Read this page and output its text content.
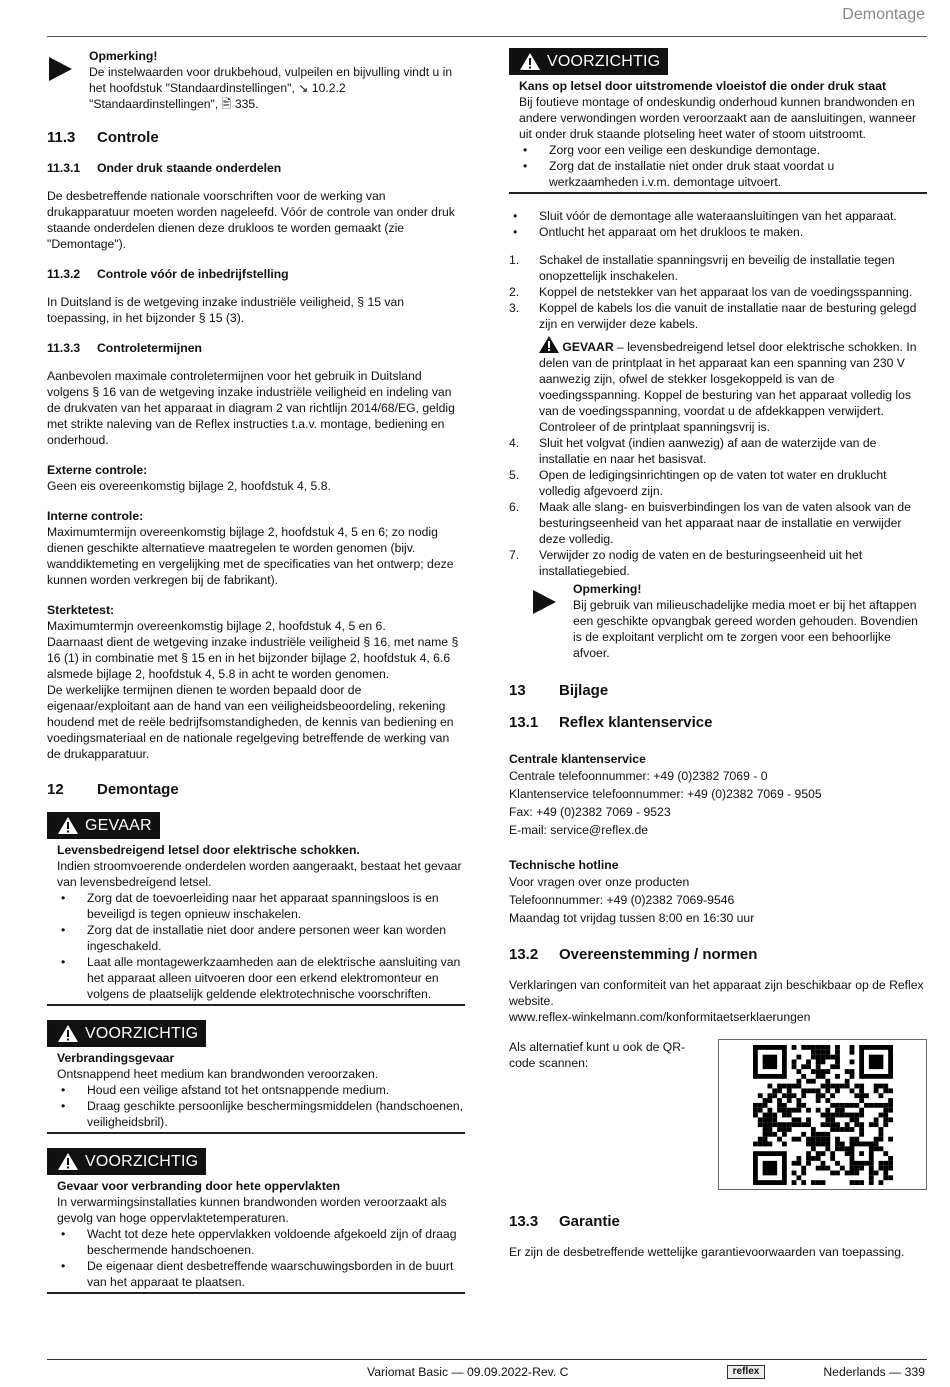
Demontage

Opmerking!

De instelwaarden voor drukbehoud, vulpeilen en bijvulling vindt u in het hoofdstuk "Standaardinstellingen", ↘ 10.2.2 "Standaardinstellingen", 🖹 335.

11.3	Controle
11.3.1	Onder druk staande onderdelen

De desbetreffende nationale voorschriften voor de werking van drukapparatuur moeten worden nageleefd. Vóór de controle van onder druk staande onderdelen dienen deze drukloos te worden gemaakt (zie "Demontage").

11.3.2	Controle vóór de inbedrijfstelling

In Duitsland is de wetgeving inzake industriële veiligheid, § 15 van toepassing, in het bijzonder § 15 (3).

11.3.3	Controletermijnen

Aanbevolen maximale controletermijnen voor het gebruik in Duitsland volgens § 16 van de wetgeving inzake industriële veiligheid en indeling van de drukvaten van het apparaat in diagram 2 van richtlijn 2014/68/EG, geldig met strikte naleving van de Reflex instructies t.a.v. montage, bediening en onderhoud.

Externe controle:

Geen eis overeenkomstig bijlage 2, hoofdstuk 4, 5.8.

Interne controle:

Maximumtermijn overeenkomstig bijlage 2, hoofdstuk 4, 5 en 6; zo nodig dienen geschikte alternatieve maatregelen te worden genomen (bijv. wanddiktemeting en vergelijking met de specificaties van het ontwerp; deze kunnen worden verkregen bij de fabrikant).

Sterktetest:

Maximumtermjn overeenkomstig bijlage 2, hoofdstuk 4, 5 en 6.

Daarnaast dient de wetgeving inzake industriële veiligheid § 16, met name § 16 (1) in combinatie met § 15 en in het bijzonder bijlage 2, hoofdstuk 4, 6.6 alsmede bijlage 2, hoofdstuk 4, 5.8 in acht te worden genomen.

De werkelijke termijnen dienen te worden bepaald door de eigenaar/exploitant aan de hand van een veiligheidsbeoordeling, rekening houdend met de reële bedrijfsomstandigheden, de kennis van bediening en voedingsmateriaal en de nationale regelgeving betreffende de werking van de drukapparatuur.

12	Demontage
GEVAAR

Levensbedreigend letsel door elektrische schokken.

Indien stroomvoerende onderdelen worden aangeraakt, bestaat het gevaar van levensbedreigend letsel.

•	Zorg dat de toevoerleiding naar het apparaat spanningsloos is en beveiligd is tegen opnieuw inschakelen.
•	Zorg dat de installatie niet door andere personen weer kan worden ingeschakeld.
•	Laat alle montagewerkzaamheden aan de elektrische aansluiting van het apparaat alleen uitvoeren door een erkend elektromonteur en volgens de plaatselijk geldende elektrotechnische voorschriften.
VOORZICHTIG

Verbrandingsgevaar

Ontsnappend heet medium kan brandwonden veroorzaken.

•	Houd een veilige afstand tot het ontsnappende medium.
•	Draag geschikte persoonlijke beschermingsmiddelen (handschoenen, veiligheidsbril).
VOORZICHTIG

Gevaar voor verbranding door hete oppervlakten

In verwarmingsinstallaties kunnen brandwonden worden veroorzaakt als gevolg van hoge oppervlaktetemperaturen.

•	Wacht tot deze hete oppervlakken voldoende afgekoeld zijn of draag beschermende handschoenen.
•	De eigenaar dient desbetreffende waarschuwingsborden in de buurt van het apparaat te plaatsen.
VOORZICHTIG

Kans op letsel door uitstromende vloeistof die onder druk staat

Bij foutieve montage of ondeskundig onderhoud kunnen brandwonden en andere verwondingen worden veroorzaakt aan de aansluitingen, wanneer uit onder druk staande plotseling heet water of stoom uitstroomt.

•	Zorg voor een veilige een deskundige demontage.
•	Zorg dat de installatie niet onder druk staat voordat u werkzaamheden i.v.m. demontage uitvoert.
•	Sluit vóór de demontage alle wateraansluitingen van het apparaat.
•	Ontlucht het apparaat om het drukloos te maken.
1.	Schakel de installatie spanningsvrij en beveilig de installatie tegen onopzettelijk inschakelen.
2.	Koppel de netstekker van het apparaat los van de voedingsspanning.
3.	Koppel de kabels los die vanuit de installatie naar de besturing gelegd zijn en verwijder deze kabels.

GEVAAR – levensbedreigend letsel door elektrische schokken. In delen van de printplaat in het apparaat kan een spanning van 230 V aanwezig zijn, ofwel de stekker losgekoppeld is van de voedingsspanning. Koppel de besturing van het apparaat volledig los van de voedingsspanning, voordat u de afdekkappen verwijdert. Controleer of de printplaat spanningsvrij is.

4.	Sluit het volgvat (indien aanwezig) af aan de waterzijde van de installatie en naar het basisvat.
5.	Open de ledigingsinrichtingen op de vaten tot water en druklucht volledig afgevoerd zijn.
6.	Maak alle slang- en buisverbindingen los van de vaten alsook van de besturingseenheid van het apparaat naar de installatie en verwijder deze volledig.
7.	Verwijder zo nodig de vaten en de besturingseenheid uit het installatiegebied.

Opmerking!

Bij gebruik van milieuschadelijke media moet er bij het aftappen een geschikte opvangbak gereed worden gehouden. Bovendien is de exploitant verplicht om te zorgen voor een behoorlijke afvoer.

13	Bijlage
13.1	Reflex klantenservice

Centrale klantenservice

Centrale telefoonnummer: +49 (0)2382 7069 - 0

Klantenservice telefoonnummer: +49 (0)2382 7069 - 9505

Fax: +49 (0)2382 7069 - 9523

E-mail: service@reflex.de

Technische hotline

Voor vragen over onze producten

Telefoonnummer: +49 (0)2382 7069-9546

Maandag tot vrijdag tussen 8:00 en 16:30 uur

13.2	Overeenstemming / normen

Verklaringen van conformiteit van het apparaat zijn beschikbaar op de Reflex website.

www.reflex-winkelmann.com/konformitaetserklaerungen

Als alternatief kunt u ook de QR-code scannen:

13.3	Garantie

Er zijn de desbetreffende wettelijke garantievoorwaarden van toepassing.

Variomat Basic — 09.09.2022-Rev. C	reflex	Nederlands — 339
